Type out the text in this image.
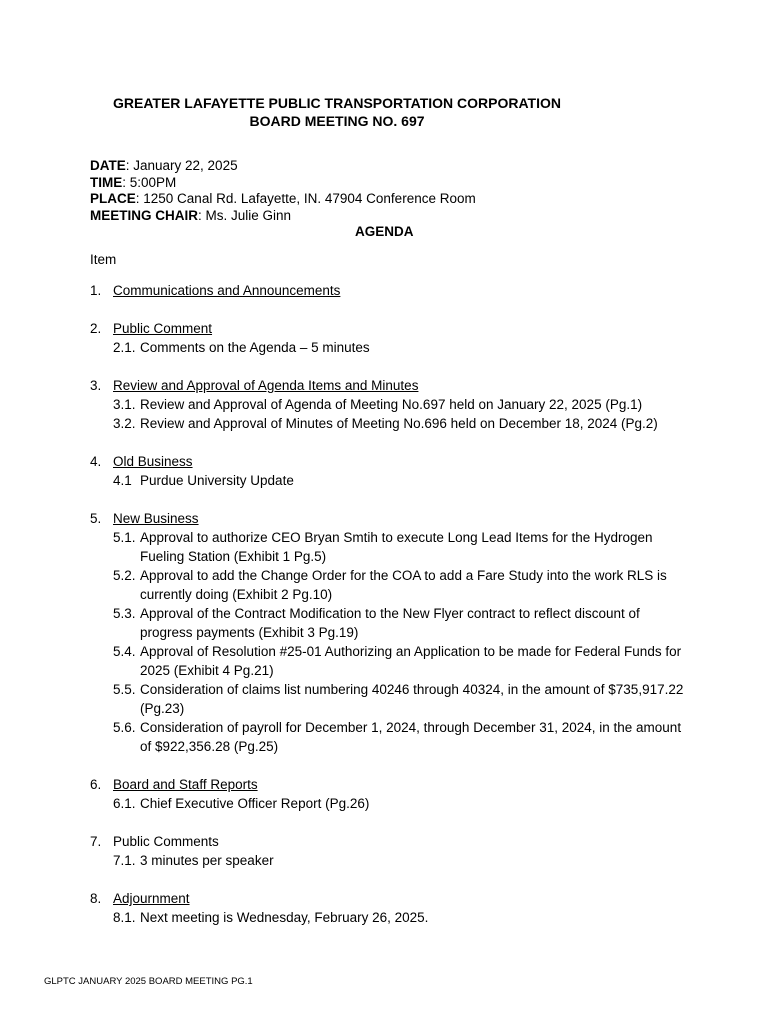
GREATER LAFAYETTE PUBLIC TRANSPORTATION CORPORATION
BOARD MEETING NO. 697
DATE: January 22, 2025
TIME: 5:00PM
PLACE: 1250 Canal Rd. Lafayette, IN. 47904 Conference Room
MEETING CHAIR: Ms. Julie Ginn
AGENDA
Item
1. Communications and Announcements
2. Public Comment
2.1. Comments on the Agenda – 5 minutes
3. Review and Approval of Agenda Items and Minutes
3.1. Review and Approval of Agenda of Meeting No.697 held on January 22, 2025 (Pg.1)
3.2. Review and Approval of Minutes of Meeting No.696 held on December 18, 2024 (Pg.2)
4. Old Business
4.1 Purdue University Update
5. New Business
5.1. Approval to authorize CEO Bryan Smtih to execute Long Lead Items for the Hydrogen Fueling Station (Exhibit 1 Pg.5)
5.2. Approval to add the Change Order for the COA to add a Fare Study into the work RLS is currently doing (Exhibit 2 Pg.10)
5.3. Approval of the Contract Modification to the New Flyer contract to reflect discount of progress payments (Exhibit 3 Pg.19)
5.4. Approval of Resolution #25-01 Authorizing an Application to be made for Federal Funds for 2025 (Exhibit 4 Pg.21)
5.5. Consideration of claims list numbering 40246 through 40324, in the amount of $735,917.22 (Pg.23)
5.6. Consideration of payroll for December 1, 2024, through December 31, 2024, in the amount of $922,356.28 (Pg.25)
6. Board and Staff Reports
6.1. Chief Executive Officer Report (Pg.26)
7. Public Comments
7.1. 3 minutes per speaker
8. Adjournment
8.1. Next meeting is Wednesday, February 26, 2025.
GLPTC JANUARY 2025 BOARD MEETING PG.1
